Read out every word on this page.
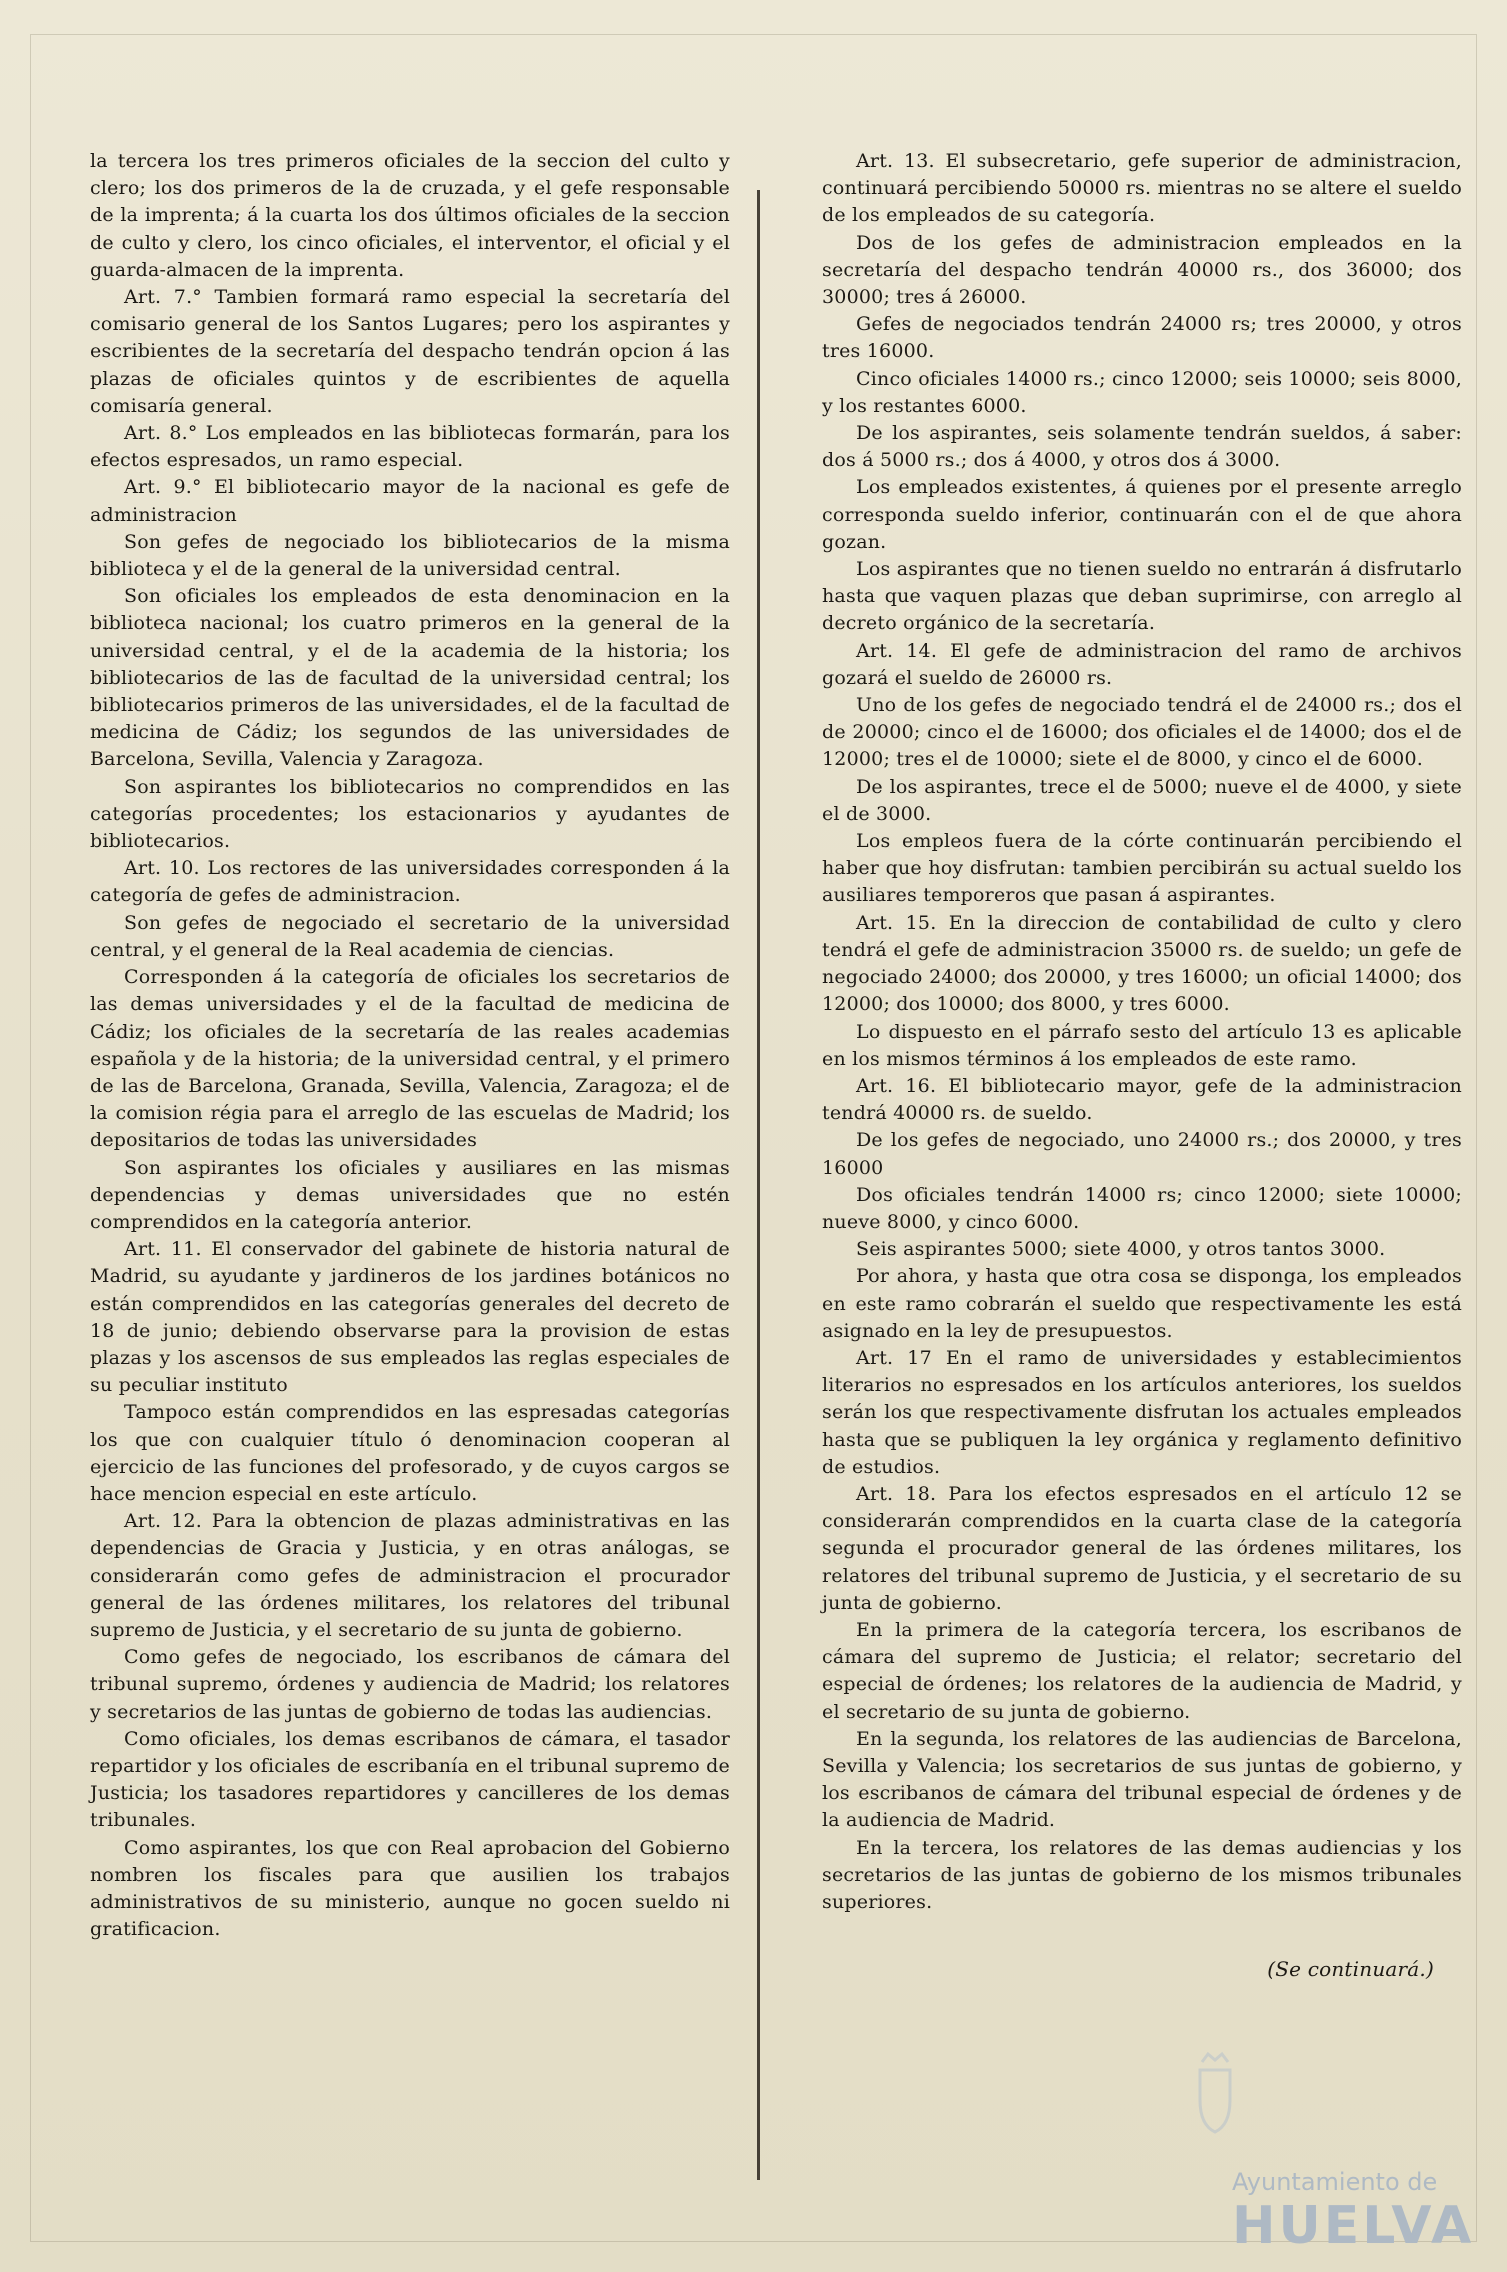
la tercera los tres primeros oficiales de la seccion del culto y clero; los dos primeros de la de cruzada, y el gefe responsable de la imprenta; á la cuarta los dos últimos oficiales de la seccion de culto y clero, los cinco oficiales, el interventor, el oficial y el guarda-almacen de la imprenta.

Art. 7.° Tambien formará ramo especial la secretaría del comisario general de los Santos Lugares; pero los aspirantes y escribientes de la secretaría del despacho tendrán opcion á las plazas de oficiales quintos y de escribientes de aquella comisaría general.

Art. 8.° Los empleados en las bibliotecas formarán, para los efectos espresados, un ramo especial.

Art. 9.° El bibliotecario mayor de la nacional es gefe de administracion

Son gefes de negociado los bibliotecarios de la misma biblioteca y el de la general de la universidad central.

Son oficiales los empleados de esta denominacion en la biblioteca nacional; los cuatro primeros en la general de la universidad central, y el de la academia de la historia; los bibliotecarios de las de facultad de la universidad central; los bibliotecarios primeros de las universidades, el de la facultad de medicina de Cádiz; los segundos de las universidades de Barcelona, Sevilla, Valencia y Zaragoza.

Son aspirantes los bibliotecarios no comprendidos en las categorías procedentes; los estacionarios y ayudantes de bibliotecarios.

Art. 10. Los rectores de las universidades corresponden á la categoría de gefes de administracion.

Son gefes de negociado el secretario de la universidad central, y el general de la Real academia de ciencias.

Corresponden á la categoría de oficiales los secretarios de las demas universidades y el de la facultad de medicina de Cádiz; los oficiales de la secretaría de las reales academias española y de la historia; de la universidad central, y el primero de las de Barcelona, Granada, Sevilla, Valencia, Zaragoza; el de la comision régia para el arreglo de las escuelas de Madrid; los depositarios de todas las universidades

Son aspirantes los oficiales y ausiliares en las mismas dependencias y demas universidades que no estén comprendidos en la categoría anterior.

Art. 11. El conservador del gabinete de historia natural de Madrid, su ayudante y jardineros de los jardines botánicos no están comprendidos en las categorías generales del decreto de 18 de junio; debiendo observarse para la provision de estas plazas y los ascensos de sus empleados las reglas especiales de su peculiar instituto

Tampoco están comprendidos en las espresadas categorías los que con cualquier título ó denominacion cooperan al ejercicio de las funciones del profesorado, y de cuyos cargos se hace mencion especial en este artículo.

Art. 12. Para la obtencion de plazas administrativas en las dependencias de Gracia y Justicia, y en otras análogas, se considerarán como gefes de administracion el procurador general de las órdenes militares, los relatores del tribunal supremo de Justicia, y el secretario de su junta de gobierno.

Como gefes de negociado, los escribanos de cámara del tribunal supremo, órdenes y audiencia de Madrid; los relatores y secretarios de las juntas de gobierno de todas las audiencias.

Como oficiales, los demas escribanos de cámara, el tasador repartidor y los oficiales de escribanía en el tribunal supremo de Justicia; los tasadores repartidores y cancilleres de los demas tribunales.

Como aspirantes, los que con Real aprobacion del Gobierno nombren los fiscales para que ausilien los trabajos administrativos de su ministerio, aunque no gocen sueldo ni gratificacion.

Art. 13. El subsecretario, gefe superior de administracion, continuará percibiendo 50000 rs. mientras no se altere el sueldo de los empleados de su categoría.

Dos de los gefes de administracion empleados en la secretaría del despacho tendrán 40000 rs., dos 36000; dos 30000; tres á 26000.

Gefes de negociados tendrán 24000 rs; tres 20000, y otros tres 16000.

Cinco oficiales 14000 rs.; cinco 12000; seis 10000; seis 8000, y los restantes 6000.

De los aspirantes, seis solamente tendrán sueldos, á saber: dos á 5000 rs.; dos á 4000, y otros dos á 3000.

Los empleados existentes, á quienes por el presente arreglo corresponda sueldo inferior, continuarán con el de que ahora gozan.

Los aspirantes que no tienen sueldo no entrarán á disfrutarlo hasta que vaquen plazas que deban suprimirse, con arreglo al decreto orgánico de la secretaría.

Art. 14. El gefe de administracion del ramo de archivos gozará el sueldo de 26000 rs.

Uno de los gefes de negociado tendrá el de 24000 rs.; dos el de 20000; cinco el de 16000; dos oficiales el de 14000; dos el de 12000; tres el de 10000; siete el de 8000, y cinco el de 6000.

De los aspirantes, trece el de 5000; nueve el de 4000, y siete el de 3000.

Los empleos fuera de la córte continuarán percibiendo el haber que hoy disfrutan: tambien percibirán su actual sueldo los ausiliares temporeros que pasan á aspirantes.

Art. 15. En la direccion de contabilidad de culto y clero tendrá el gefe de administracion 35000 rs. de sueldo; un gefe de negociado 24000; dos 20000, y tres 16000; un oficial 14000; dos 12000; dos 10000; dos 8000, y tres 6000.

Lo dispuesto en el párrafo sesto del artículo 13 es aplicable en los mismos términos á los empleados de este ramo.

Art. 16. El bibliotecario mayor, gefe de la administracion tendrá 40000 rs. de sueldo.

De los gefes de negociado, uno 24000 rs.; dos 20000, y tres 16000

Dos oficiales tendrán 14000 rs; cinco 12000; siete 10000; nueve 8000, y cinco 6000.

Seis aspirantes 5000; siete 4000, y otros tantos 3000.

Por ahora, y hasta que otra cosa se disponga, los empleados en este ramo cobrarán el sueldo que respectivamente les está asignado en la ley de presupuestos.

Art. 17 En el ramo de universidades y establecimientos literarios no espresados en los artículos anteriores, los sueldos serán los que respectivamente disfrutan los actuales empleados hasta que se publiquen la ley orgánica y reglamento definitivo de estudios.

Art. 18. Para los efectos espresados en el artículo 12 se considerarán comprendidos en la cuarta clase de la categoría segunda el procurador general de las órdenes militares, los relatores del tribunal supremo de Justicia, y el secretario de su junta de gobierno.

En la primera de la categoría tercera, los escribanos de cámara del supremo de Justicia; el relator; secretario del especial de órdenes; los relatores de la audiencia de Madrid, y el secretario de su junta de gobierno.

En la segunda, los relatores de las audiencias de Barcelona, Sevilla y Valencia; los secretarios de sus juntas de gobierno, y los escribanos de cámara del tribunal especial de órdenes y de la audiencia de Madrid.

En la tercera, los relatores de las demas audiencias y los secretarios de las juntas de gobierno de los mismos tribunales superiores.

(Se continuará.)

Ayuntamiento de
HUELVA
